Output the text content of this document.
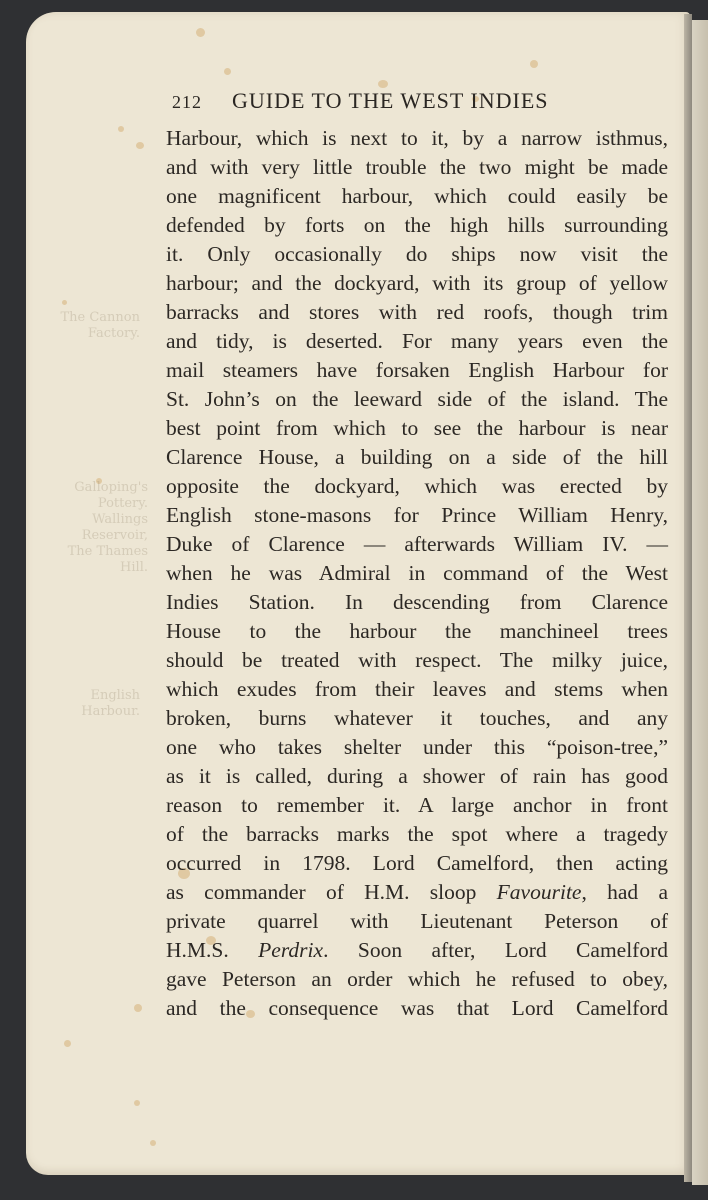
The Cannon
Factory.
Galloping's
Pottery.
Wallings
Reservoir,
The Thames
Hill.
English
Harbour.
212 GUIDE TO THE WEST INDIES
Harbour, which is next to it, by a narrow isthmus,
and with very little trouble the two might be made
one magnificent harbour, which could easily be
defended by forts on the high hills surrounding
it. Only occasionally do ships now visit the
harbour; and the dockyard, with its group of yellow
barracks and stores with red roofs, though trim
and tidy, is deserted. For many years even the
mail steamers have forsaken English Harbour for
St. John’s on the leeward side of the island. The
best point from which to see the harbour is near
Clarence House, a building on a side of the hill
opposite the dockyard, which was erected by
English stone-masons for Prince William Henry,
Duke of Clarence — afterwards William IV. —
when he was Admiral in command of the West
Indies Station. In descending from Clarence
House to the harbour the manchineel trees
should be treated with respect. The milky juice,
which exudes from their leaves and stems when
broken, burns whatever it touches, and any
one who takes shelter under this “poison-tree,”
as it is called, during a shower of rain has good
reason to remember it. A large anchor in front
of the barracks marks the spot where a tragedy
occurred in 1798. Lord Camelford, then acting
as commander of H.M. sloop Favourite, had a
private quarrel with Lieutenant Peterson of
H.M.S. Perdrix. Soon after, Lord Camelford
gave Peterson an order which he refused to obey,
and the consequence was that Lord Camelford
